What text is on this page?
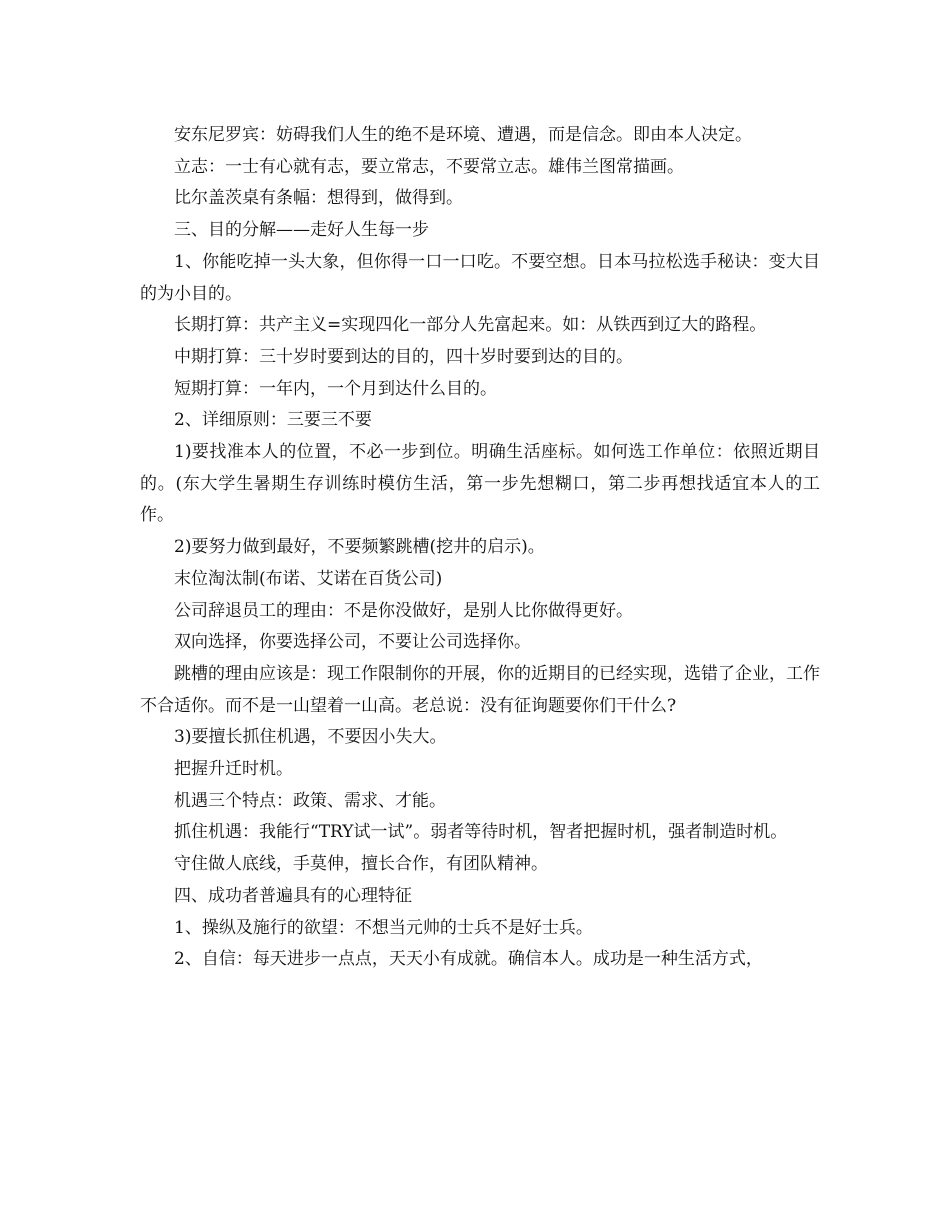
安东尼罗宾：妨碍我们人生的绝不是环境、遭遇，而是信念。即由本人决定。

立志：一士有心就有志，要立常志，不要常立志。雄伟兰图常描画。

比尔盖茨桌有条幅：想得到，做得到。

三、目的分解——走好人生每一步

1、你能吃掉一头大象，但你得一口一口吃。不要空想。日本马拉松选手秘诀：变大目的为小目的。

长期打算：共产主义=实现四化一部分人先富起来。如：从铁西到辽大的路程。

中期打算：三十岁时要到达的目的，四十岁时要到达的目的。

短期打算：一年内，一个月到达什么目的。

2、详细原则：三要三不要

1)要找准本人的位置，不必一步到位。明确生活座标。如何选工作单位：依照近期目的。(东大学生暑期生存训练时模仿生活，第一步先想糊口，第二步再想找适宜本人的工作。

2)要努力做到最好，不要频繁跳槽(挖井的启示)。

末位淘汰制(布诺、艾诺在百货公司)

公司辞退员工的理由：不是你没做好，是别人比你做得更好。

双向选择，你要选择公司，不要让公司选择你。

跳槽的理由应该是：现工作限制你的开展，你的近期目的已经实现，选错了企业，工作不合适你。而不是一山望着一山高。老总说：没有征询题要你们干什么?

3)要擅长抓住机遇，不要因小失大。

把握升迁时机。

机遇三个特点：政策、需求、才能。

抓住机遇：我能行“TRY试一试”。弱者等待时机，智者把握时机，强者制造时机。

守住做人底线，手莫伸，擅长合作，有团队精神。

四、成功者普遍具有的心理特征

1、操纵及施行的欲望：不想当元帅的士兵不是好士兵。

2、自信：每天进步一点点，天天小有成就。确信本人。成功是一种生活方式，
